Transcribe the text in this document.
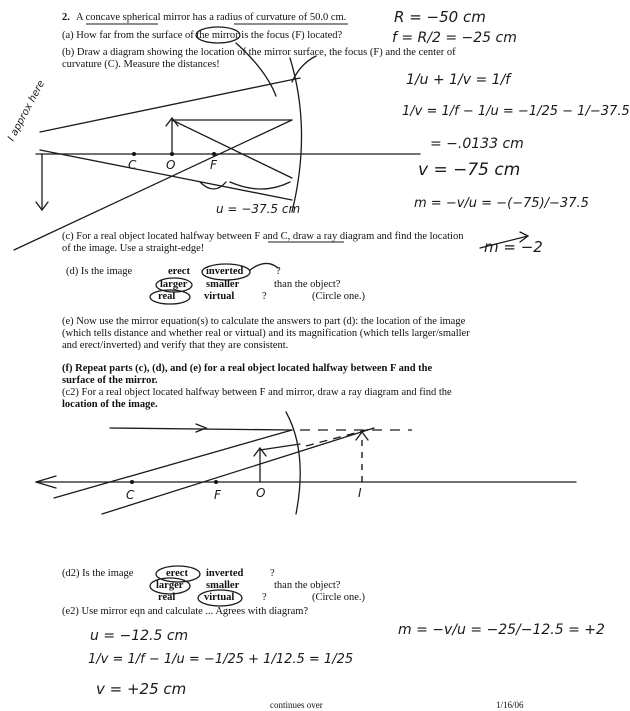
2. A concave spherical mirror has a radius of curvature of 50.0 cm.

(a) How far from the surface of the mirror is the focus (F) located?

(b) Draw a diagram showing the location of the mirror surface, the focus (F) and the center of

curvature (C). Measure the distances!

(c) For a real object located halfway between F and C, draw a ray diagram and find the location

of the image. Use a straight-edge!

(d) Is the image	erect inverted	?

larger smaller	than the object?

real	virtual	?	(Circle one.)

(e) Now use the mirror equation(s) to calculate the answers to part (d): the location of the image

(which tells distance and whether real or virtual) and its magnification (which tells larger/smaller

and erect/inverted) and verify that they are consistent.

(f) Repeat parts (c), (d), and (e) for a real object located halfway between F and the

surface of the mirror.

(c2) For a real object located halfway between F and mirror, draw a ray diagram and find the

location of the image.

(d2) Is the image	erect inverted	?

larger smaller	than the object?

real	virtual	?	(Circle one.)

(e2) Use mirror eqn and calculate ... Agrees with diagram?

continues over	1/16/06

R = −50 cm
f = R/2 = −25 cm
1/u + 1/v = 1/f
1/v = 1/f − 1/u = −1/25 − 1/−37.5
= −.0133 cm
v = −75 cm
m = −v/u = −(−75)/−37.5
m = −2
I approx here
u = −37.5 cm
u = −12.5 cm
1/v = 1/f − 1/u = −1/25 + 1/12.5 = 1/25
v = +25 cm
m = −v/u = −25/−12.5 = +2
C O	F
C	F	O	I
